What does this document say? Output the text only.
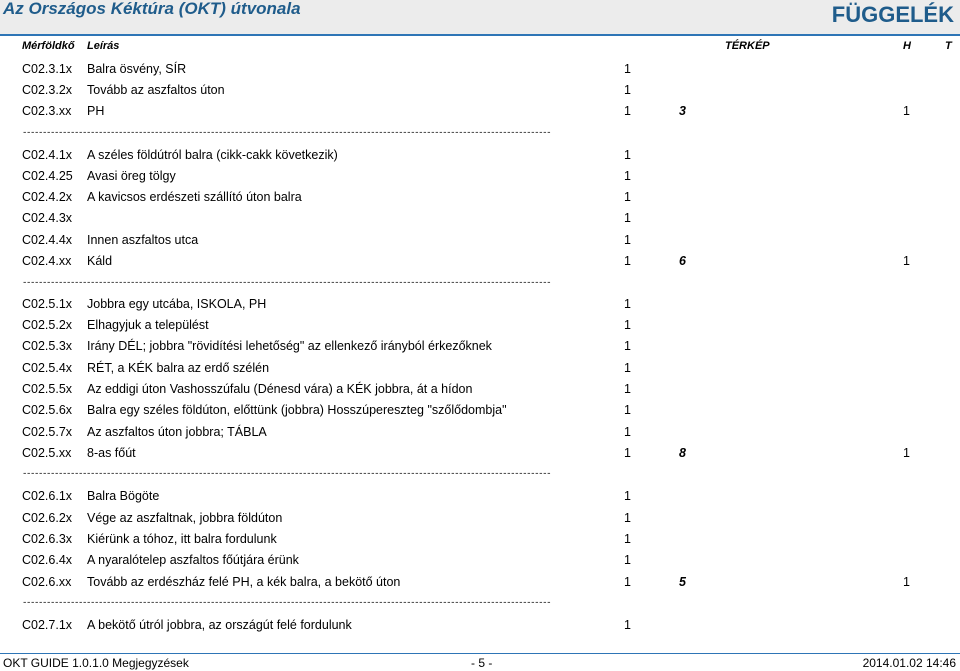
Az Országos Kéktúra (OKT) útvonala	FÜGGELÉK
Mérföldkő Leírás	TÉRKÉP	H	T
C02.3.1x Balra ösvény, SÍR	1
C02.3.2x Tovább az aszfaltos úton	1
C02.3.xx PH	1	3	1
------------------------------------------------------------------------------------------------------------------------------------
C02.4.1x A széles földútról balra (cikk-cakk következik)	1
C02.4.25 Avasi öreg tölgy	1
C02.4.2x A kavicsos erdészeti szállító úton balra	1
C02.4.3x	1
C02.4.4x Innen aszfaltos utca	1
C02.4.xx Káld	1	6	1
------------------------------------------------------------------------------------------------------------------------------------
C02.5.1x Jobbra egy utcába, ISKOLA, PH	1
C02.5.2x Elhagyjuk a települést	1
C02.5.3x Irány DÉL; jobbra "rövidítési lehetőség" az ellenkező irányból érkezőknek	1
C02.5.4x RÉT, a KÉK balra az erdő szélén	1
C02.5.5x Az eddigi úton Vashosszúfalu (Dénesd vára) a KÉK jobbra, át a hídon	1
C02.5.6x Balra egy széles földúton, előttünk (jobbra) Hosszúpereszteg "szőlődombja"	1
C02.5.7x Az aszfaltos úton jobbra; TÁBLA	1
C02.5.xx 8-as főút	1	8	1
------------------------------------------------------------------------------------------------------------------------------------
C02.6.1x Balra Bögöte	1
C02.6.2x Vége az aszfaltnak, jobbra földúton	1
C02.6.3x Kiérünk a tóhoz, itt balra fordulunk	1
C02.6.4x A nyaralótelep aszfaltos főútjára érünk	1
C02.6.xx Tovább az erdészház felé PH, a kék balra, a bekötő úton	1	5	1
------------------------------------------------------------------------------------------------------------------------------------
C02.7.1x A bekötő útról jobbra, az országút felé fordulunk	1
OKT GUIDE 1.0.1.0 Megjegyzések	- 5 -	2014.01.02 14:46
